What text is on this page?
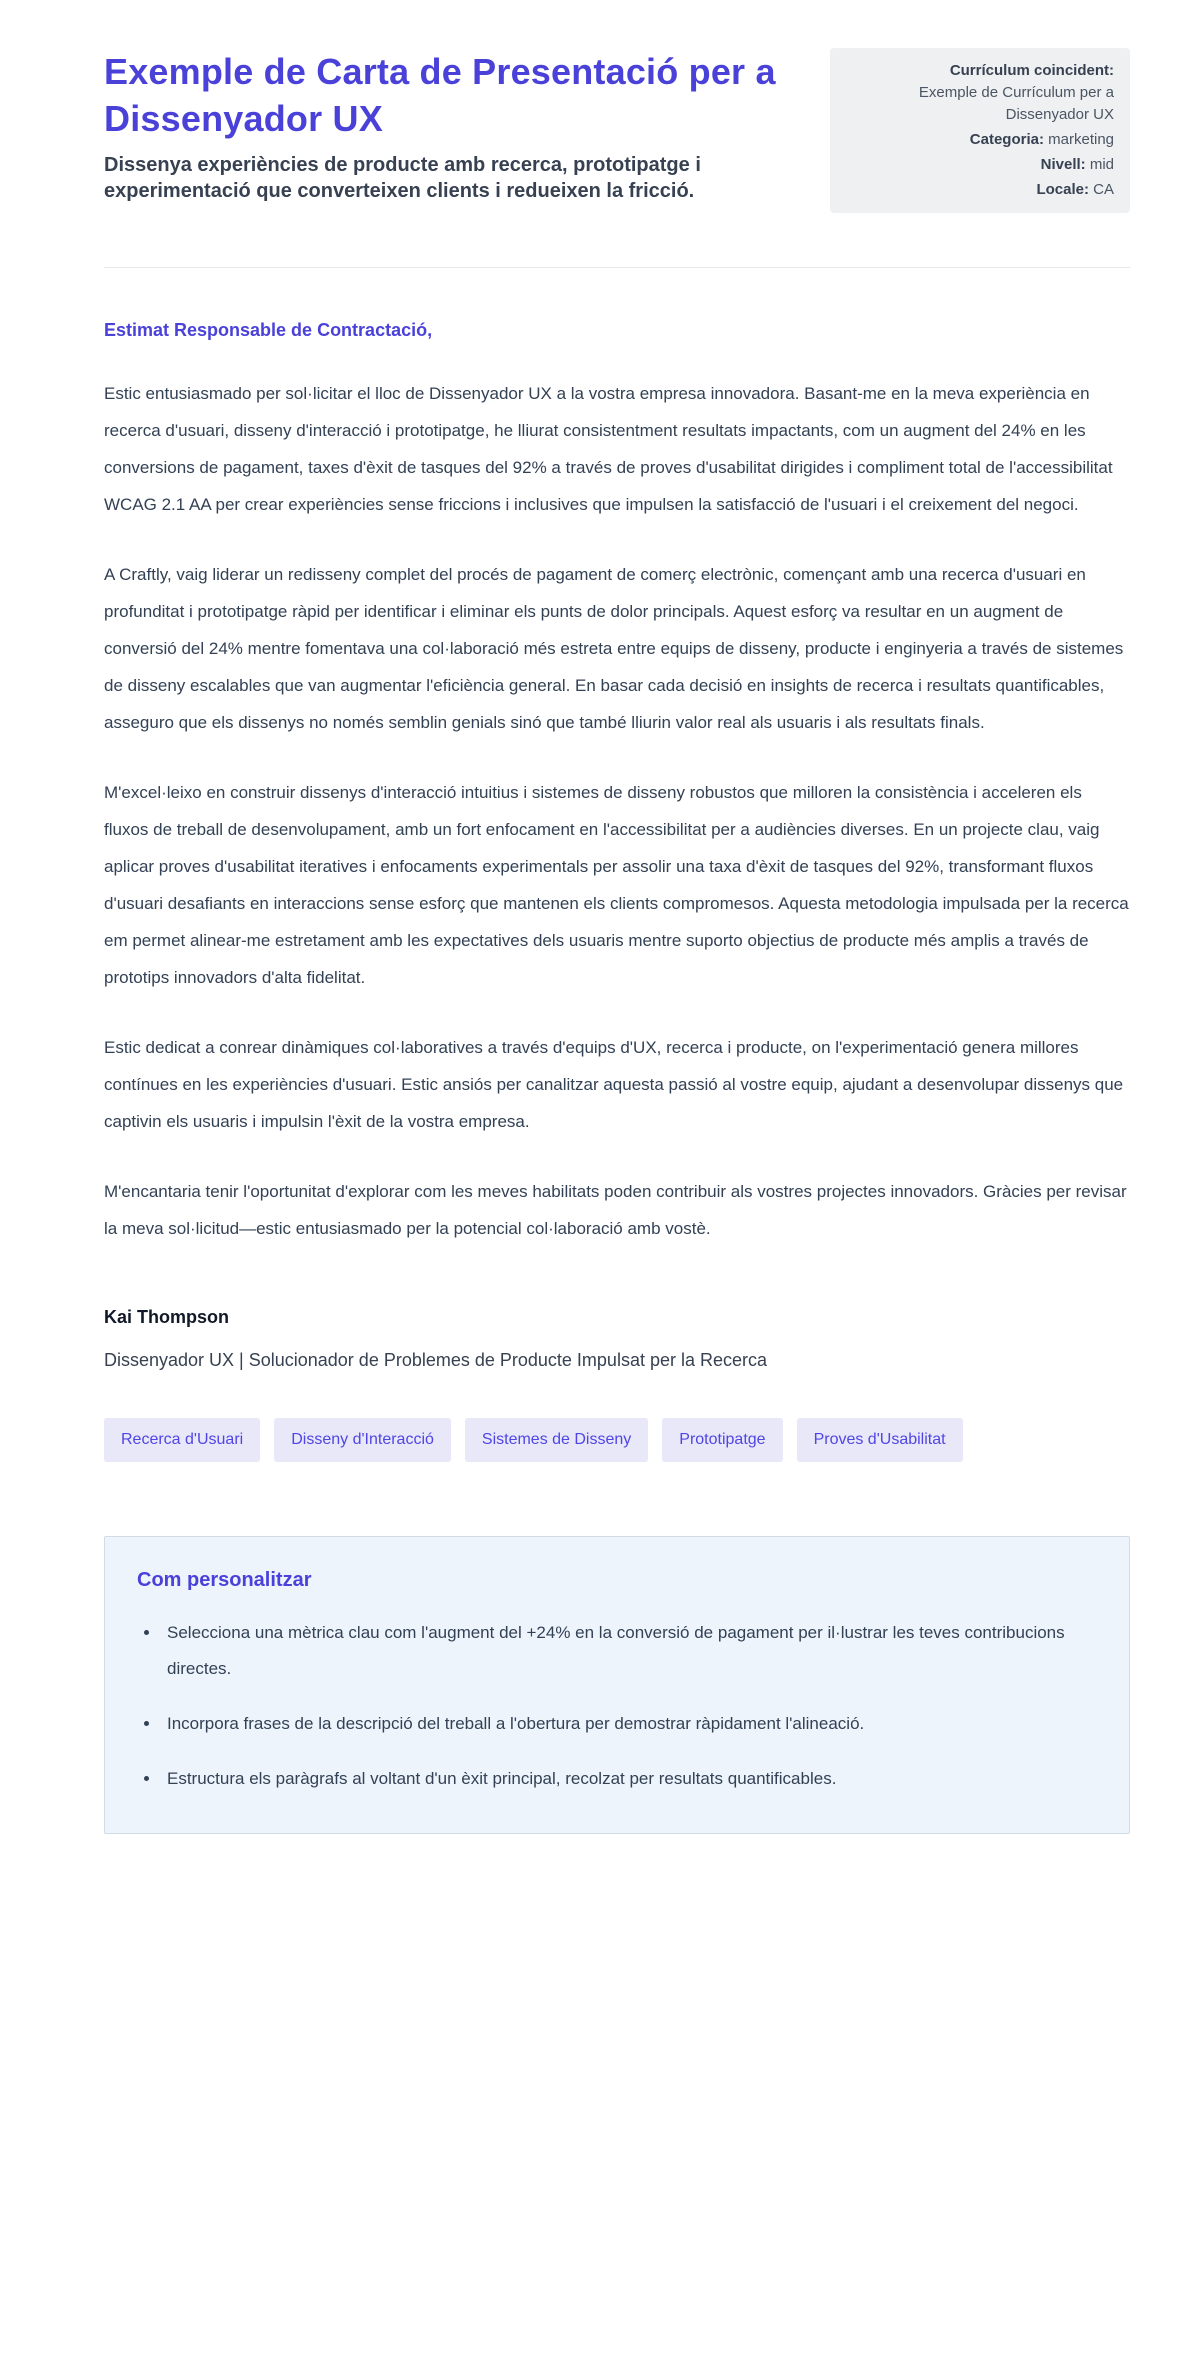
Exemple de Carta de Presentació per a Dissenyador UX

Dissenya experiències de producte amb recerca, prototipatge i experimentació que converteixen clients i redueixen la fricció.

Currículum coincident:
Exemple de Currículum per a Dissenyador UX
Categoria: marketing
Nivell: mid
Locale: CA

Estimat Responsable de Contractació,

Estic entusiasmado per sol·licitar el lloc de Dissenyador UX a la vostra empresa innovadora. Basant-me en la meva experiència en recerca d'usuari, disseny d'interacció i prototipatge, he lliurat consistentment resultats impactants, com un augment del 24% en les conversions de pagament, taxes d'èxit de tasques del 92% a través de proves d'usabilitat dirigides i compliment total de l'accessibilitat WCAG 2.1 AA per crear experiències sense friccions i inclusives que impulsen la satisfacció de l'usuari i el creixement del negoci.

A Craftly, vaig liderar un redisseny complet del procés de pagament de comerç electrònic, començant amb una recerca d'usuari en profunditat i prototipatge ràpid per identificar i eliminar els punts de dolor principals. Aquest esforç va resultar en un augment de conversió del 24% mentre fomentava una col·laboració més estreta entre equips de disseny, producte i enginyeria a través de sistemes de disseny escalables que van augmentar l'eficiència general. En basar cada decisió en insights de recerca i resultats quantificables, asseguro que els dissenys no només semblin genials sinó que també lliurin valor real als usuaris i als resultats finals.

M'excel·leixo en construir dissenys d'interacció intuitius i sistemes de disseny robustos que milloren la consistència i acceleren els fluxos de treball de desenvolupament, amb un fort enfocament en l'accessibilitat per a audiències diverses. En un projecte clau, vaig aplicar proves d'usabilitat iteratives i enfocaments experimentals per assolir una taxa d'èxit de tasques del 92%, transformant fluxos d'usuari desafiants en interaccions sense esforç que mantenen els clients compromesos. Aquesta metodologia impulsada per la recerca em permet alinear-me estretament amb les expectatives dels usuaris mentre suporto objectius de producte més amplis a través de prototips innovadors d'alta fidelitat.

Estic dedicat a conrear dinàmiques col·laboratives a través d'equips d'UX, recerca i producte, on l'experimentació genera millores contínues en les experiències d'usuari. Estic ansiós per canalitzar aquesta passió al vostre equip, ajudant a desenvolupar dissenys que captivin els usuaris i impulsin l'èxit de la vostra empresa.

M'encantaria tenir l'oportunitat d'explorar com les meves habilitats poden contribuir als vostres projectes innovadors. Gràcies per revisar la meva sol·licitud—estic entusiasmado per la potencial col·laboració amb vostè.

Kai Thompson

Dissenyador UX | Solucionador de Problemes de Producte Impulsat per la Recerca

Recerca d'Usuari	Disseny d'Interacció	Sistemes de Disseny	Prototipatge	Proves d'Usabilitat
Com personalitzar
• Selecciona una mètrica clau com l'augment del +24% en la conversió de pagament per il·lustrar les teves contribucions directes.
• Incorpora frases de la descripció del treball a l'obertura per demostrar ràpidament l'alineació.
• Estructura els paràgrafs al voltant d'un èxit principal, recolzat per resultats quantificables.
